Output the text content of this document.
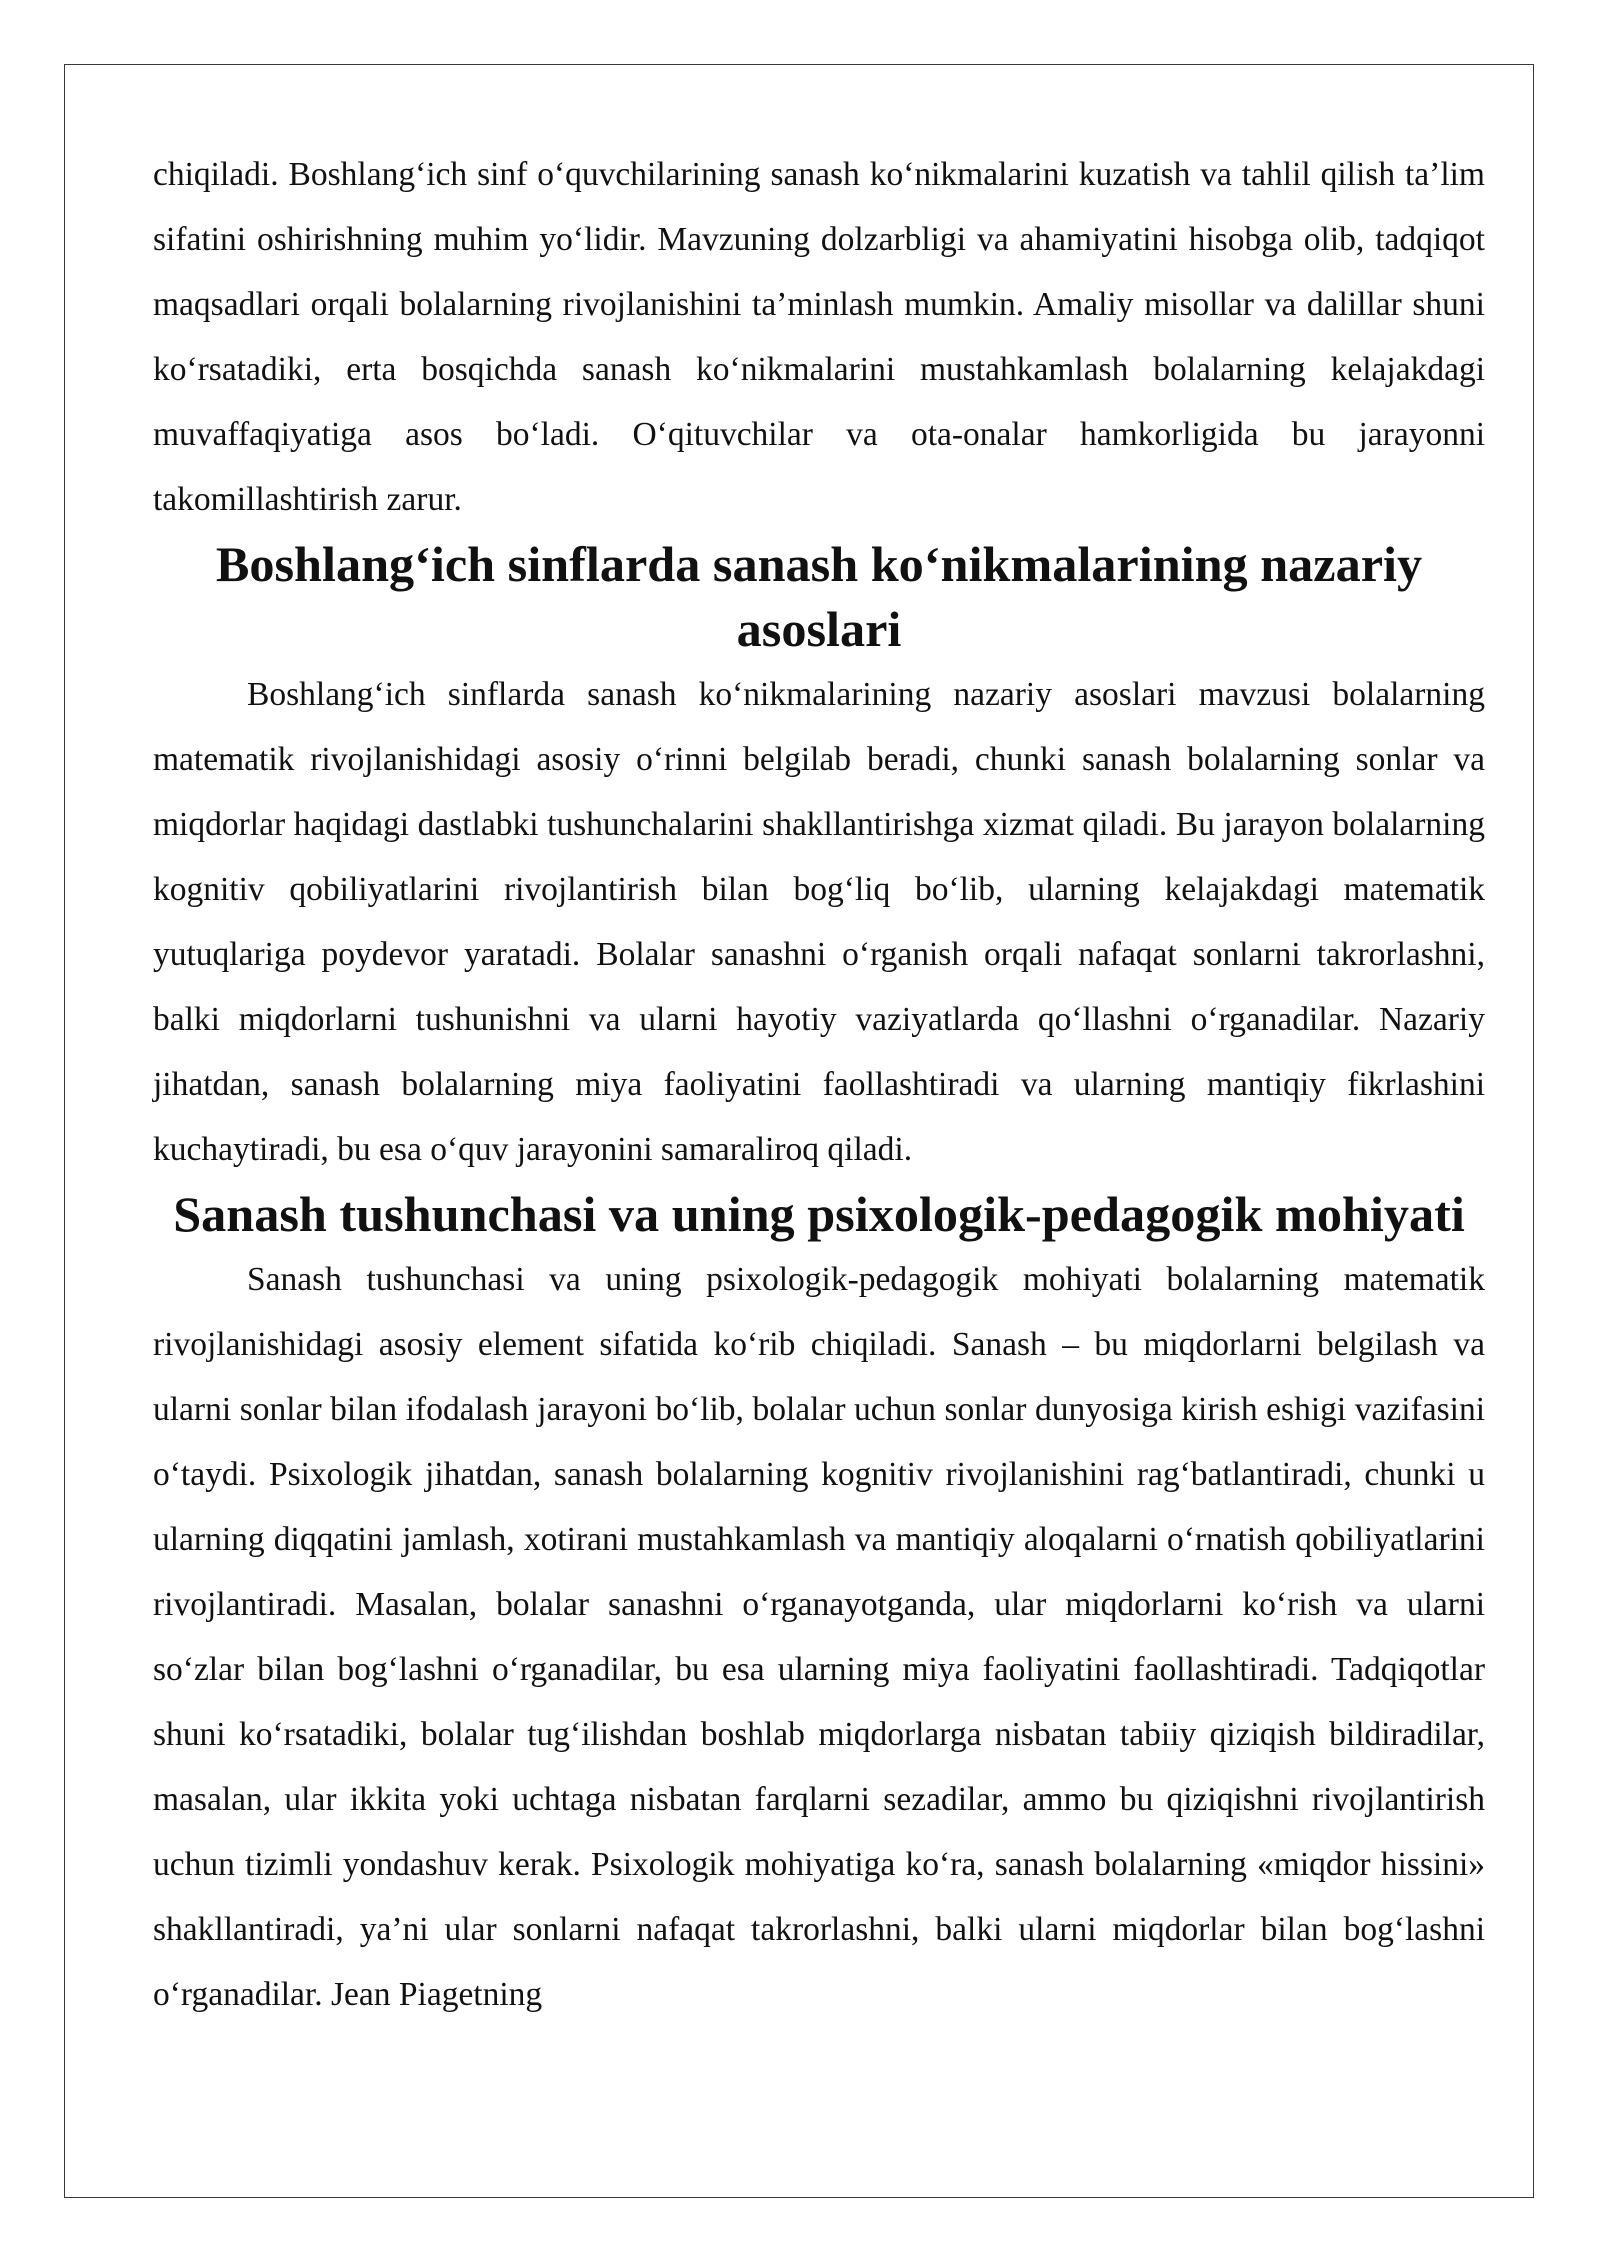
chiqiladi. Boshlang‘ich sinf o‘quvchilarining sanash ko‘nikmalarini kuzatish va tahlil qilish ta’lim sifatini oshirishning muhim yo‘lidir. Mavzuning dolzarbligi va ahamiyatini hisobga olib, tadqiqot maqsadlari orqali bolalarning rivojlanishini ta’minlash mumkin. Amaliy misollar va dalillar shuni ko‘rsatadiki, erta bosqichda sanash ko‘nikmalarini mustahkamlash bolalarning kelajakdagi muvaffaqiyatiga asos bo‘ladi. O‘qituvchilar va ota-onalar hamkorligida bu jarayonni takomillashtirish zarur.

Boshlang‘ich sinflarda sanash ko‘nikmalarining nazariy asoslari

Boshlang‘ich sinflarda sanash ko‘nikmalarining nazariy asoslari mavzusi bolalarning matematik rivojlanishidagi asosiy o‘rinni belgilab beradi, chunki sanash bolalarning sonlar va miqdorlar haqidagi dastlabki tushunchalarini shakllantirishga xizmat qiladi. Bu jarayon bolalarning kognitiv qobiliyatlarini rivojlantirish bilan bog‘liq bo‘lib, ularning kelajakdagi matematik yutuqlariga poydevor yaratadi. Bolalar sanashni o‘rganish orqali nafaqat sonlarni takrorlashni, balki miqdorlarni tushunishni va ularni hayotiy vaziyatlarda qo‘llashni o‘rganadilar. Nazariy jihatdan, sanash bolalarning miya faoliyatini faollashtiradi va ularning mantiqiy fikrlashini kuchaytiradi, bu esa o‘quv jarayonini samaraliroq qiladi.

Sanash tushunchasi va uning psixologik-pedagogik mohiyati

Sanash tushunchasi va uning psixologik-pedagogik mohiyati bolalarning matematik rivojlanishidagi asosiy element sifatida ko‘rib chiqiladi. Sanash – bu miqdorlarni belgilash va ularni sonlar bilan ifodalash jarayoni bo‘lib, bolalar uchun sonlar dunyosiga kirish eshigi vazifasini o‘taydi. Psixologik jihatdan, sanash bolalarning kognitiv rivojlanishini rag‘batlantiradi, chunki u ularning diqqatini jamlash, xotirani mustahkamlash va mantiqiy aloqalarni o‘rnatish qobiliyatlarini rivojlantiradi. Masalan, bolalar sanashni o‘rganayotganda, ular miqdorlarni ko‘rish va ularni so‘zlar bilan bog‘lashni o‘rganadilar, bu esa ularning miya faoliyatini faollashtiradi. Tadqiqotlar shuni ko‘rsatadiki, bolalar tug‘ilishdan boshlab miqdorlarga nisbatan tabiiy qiziqish bildiradilar, masalan, ular ikkita yoki uchtaga nisbatan farqlarni sezadilar, ammo bu qiziqishni rivojlantirish uchun tizimli yondashuv kerak. Psixologik mohiyatiga ko‘ra, sanash bolalarning «miqdor hissini» shakllantiradi, ya’ni ular sonlarni nafaqat takrorlashni, balki ularni miqdorlar bilan bog‘lashni o‘rganadilar. Jean Piagetning
